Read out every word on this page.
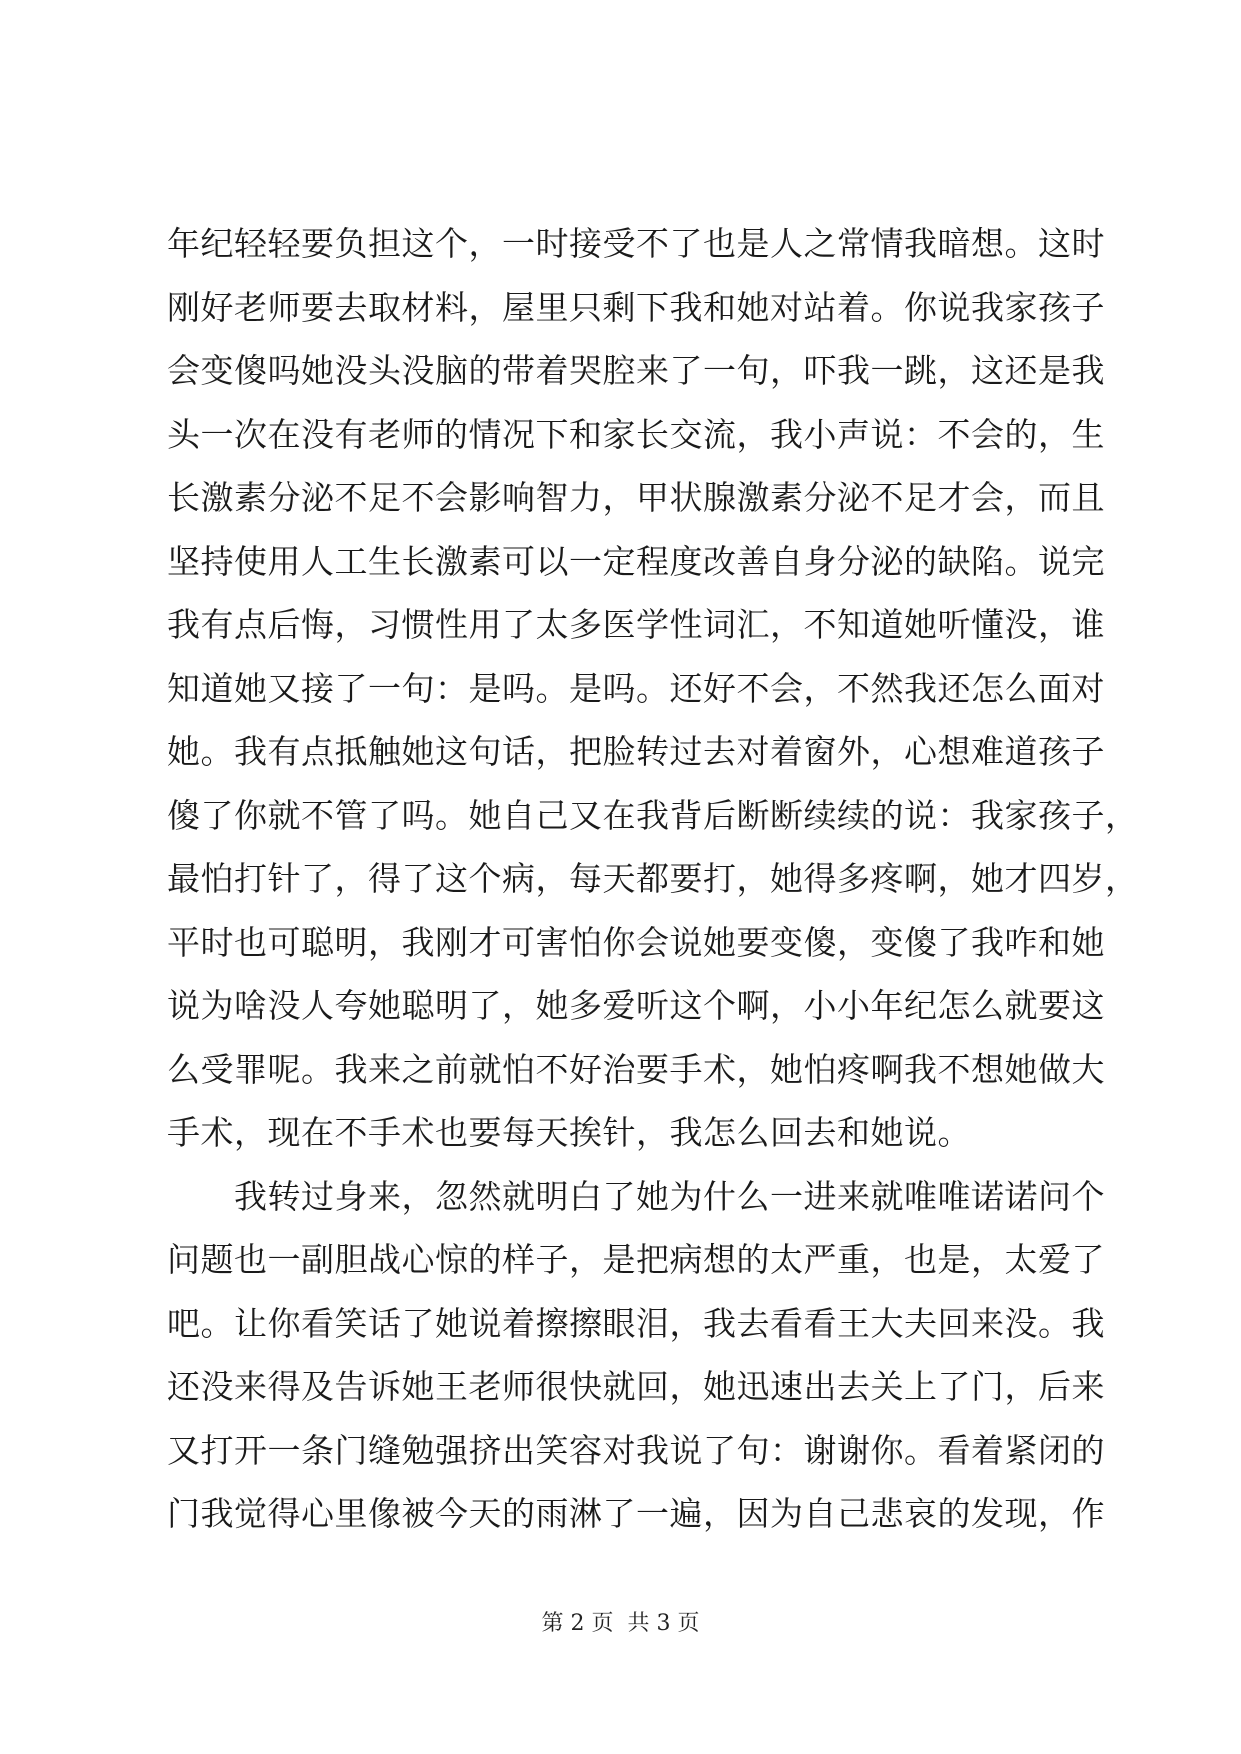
年纪轻轻要负担这个，一时接受不了也是人之常情我暗想。这时
刚好老师要去取材料，屋里只剩下我和她对站着。你说我家孩子
会变傻吗她没头没脑的带着哭腔来了一句，吓我一跳，这还是我
头一次在没有老师的情况下和家长交流，我小声说：不会的，生
长激素分泌不足不会影响智力，甲状腺激素分泌不足才会，而且
坚持使用人工生长激素可以一定程度改善自身分泌的缺陷。说完
我有点后悔，习惯性用了太多医学性词汇，不知道她听懂没，谁
知道她又接了一句：是吗。是吗。还好不会，不然我还怎么面对
她。我有点抵触她这句话，把脸转过去对着窗外，心想难道孩子
傻了你就不管了吗。她自己又在我背后断断续续的说：我家孩子，
最怕打针了，得了这个病，每天都要打，她得多疼啊，她才四岁，
平时也可聪明，我刚才可害怕你会说她要变傻，变傻了我咋和她
说为啥没人夸她聪明了，她多爱听这个啊，小小年纪怎么就要这
么受罪呢。我来之前就怕不好治要手术，她怕疼啊我不想她做大
手术，现在不手术也要每天挨针，我怎么回去和她说。
　　我转过身来，忽然就明白了她为什么一进来就唯唯诺诺问个
问题也一副胆战心惊的样子，是把病想的太严重，也是，太爱了
吧。让你看笑话了她说着擦擦眼泪，我去看看王大夫回来没。我
还没来得及告诉她王老师很快就回，她迅速出去关上了门，后来
又打开一条门缝勉强挤出笑容对我说了句：谢谢你。看着紧闭的
门我觉得心里像被今天的雨淋了一遍，因为自己悲哀的发现，作
第 2 页 共 3 页
